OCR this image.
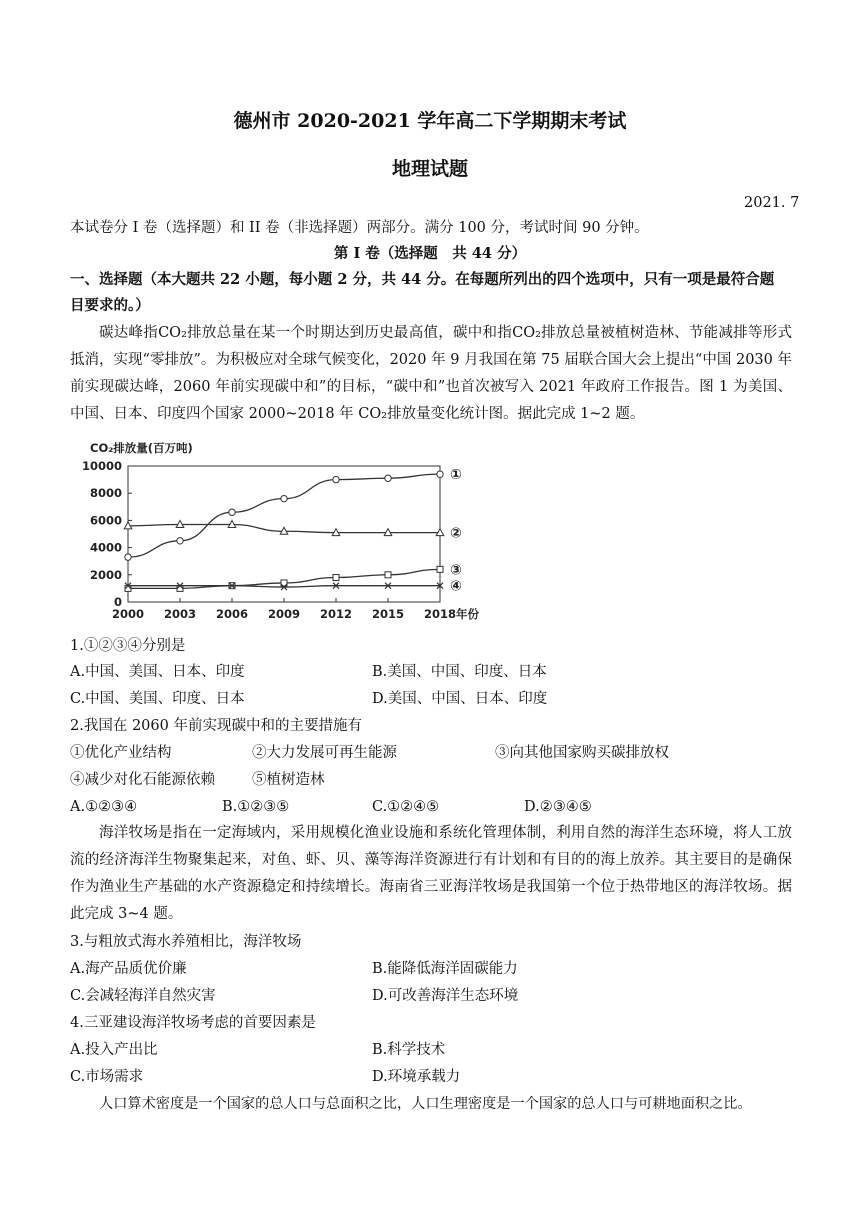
德州市 2020-2021 学年高二下学期期末考试
地理试题
2021. 7
本试卷分 I 卷（选择题）和 II 卷（非选择题）两部分。满分 100 分，考试时间 90 分钟。
第 I 卷（选择题　共 44 分）
一、选择题（本大题共 22 小题，每小题 2 分，共 44 分。在每题所列出的四个选项中，只有一项是最符合题
目要求的。）
碳达峰指CO₂排放总量在某一个时期达到历史最高值，碳中和指CO₂排放总量被植树造林、节能减排等形式抵消，实现“零排放”。为积极应对全球气候变化，2020 年 9 月我国在第 75 届联合国大会上提出“中国 2030 年前实现碳达峰，2060 年前实现碳中和”的目标，“碳中和”也首次被写入 2021 年政府工作报告。图 1 为美国、中国、日本、印度四个国家 2000~2018 年 CO₂排放量变化统计图。据此完成 1~2 题。
CO₂排放量(百万吨)
0
2000
4000
6000
8000
10000
2000 2003 2006 2009 2012 2015 2018 年份
①
②
③
④
1.①②③④分别是
A.中国、美国、日本、印度	B.美国、中国、印度、日本
C.中国、美国、印度、日本	D.美国、中国、日本、印度
2.我国在 2060 年前实现碳中和的主要措施有
①优化产业结构	②大力发展可再生能源	③向其他国家购买碳排放权
④减少对化石能源依赖	⑤植树造林
A.①②③④	B.①②③⑤	C.①②④⑤	D.②③④⑤
海洋牧场是指在一定海域内，采用规模化渔业设施和系统化管理体制，利用自然的海洋生态环境，将人工放流的经济海洋生物聚集起来，对鱼、虾、贝、藻等海洋资源进行有计划和有目的的海上放养。其主要目的是确保作为渔业生产基础的水产资源稳定和持续增长。海南省三亚海洋牧场是我国第一个位于热带地区的海洋牧场。据此完成 3~4 题。
3.与粗放式海水养殖相比，海洋牧场
A.海产品质优价廉	B.能降低海洋固碳能力
C.会减轻海洋自然灾害	D.可改善海洋生态环境
4.三亚建设海洋牧场考虑的首要因素是
A.投入产出比	B.科学技术
C.市场需求	D.环境承载力
人口算术密度是一个国家的总人口与总面积之比，人口生理密度是一个国家的总人口与可耕地面积之比。
